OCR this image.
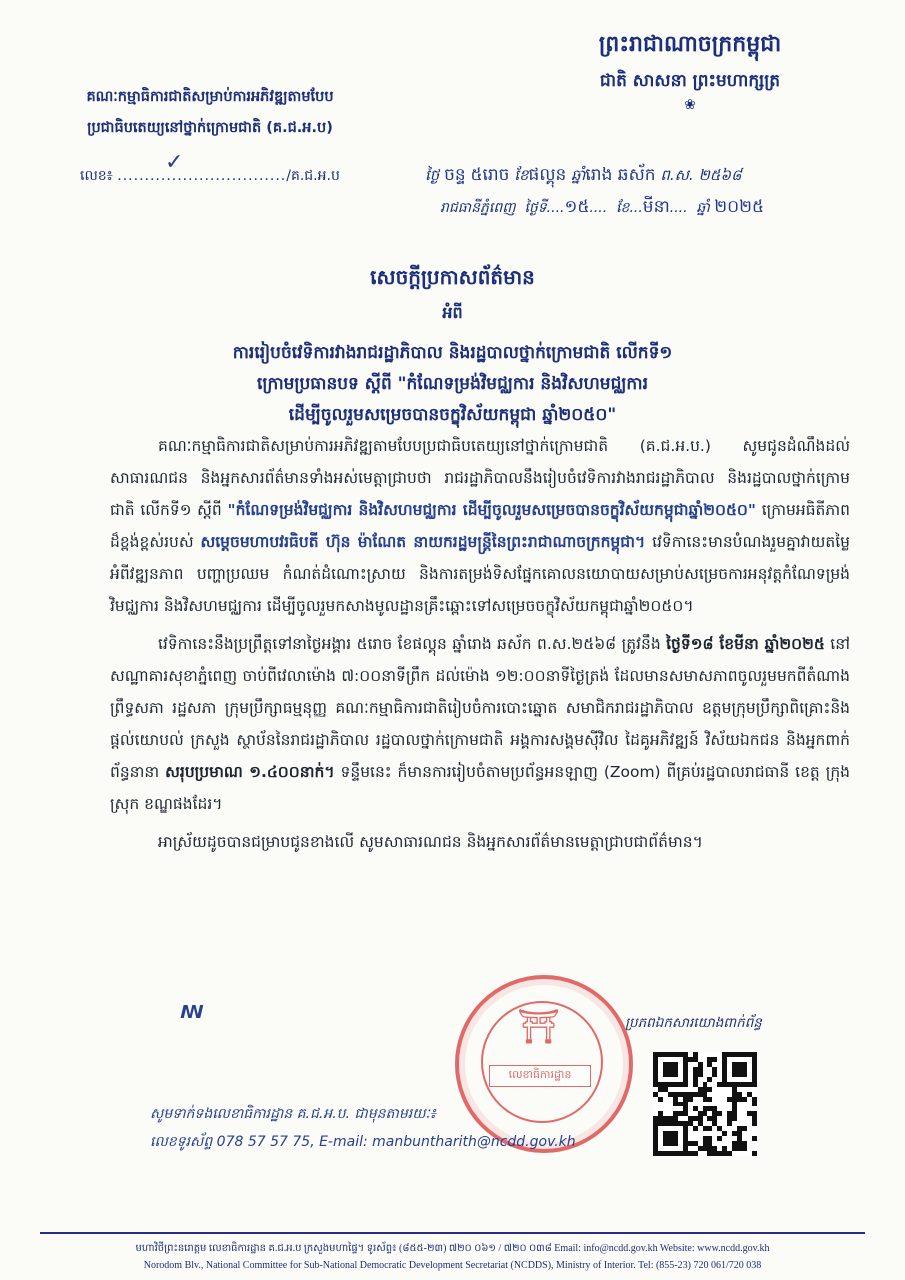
ព្រះរាជាណាចក្រកម្ពុជា
ជាតិ សាសនា ព្រះមហាក្សត្រ
❀
គណៈកម្មាធិការជាតិសម្រាប់ការអភិវឌ្ឍតាមបែប
ប្រជាធិបតេយ្យនៅថ្នាក់ក្រោមជាតិ (គ.ជ.អ.ប)
✓
លេខ៖ .............................../គ.ជ.អ.ប	ថ្ងៃ ចន្ទ ៥រោច ខែផល្គុន ឆ្នាំរោង ឆស័ក ព.ស. ២៥៦៨
រាជធានីភ្នំពេញ ថ្ងៃទី....១៥....  ខែ...មីនា....  ឆ្នាំ ២០២៥
សេចក្តីប្រកាសព័ត៌មាន
អំពី
ការរៀបចំវេទិការវាងរាជរដ្ឋាភិបាល និងរដ្ឋបាលថ្នាក់ក្រោមជាតិ លើកទី១
ក្រោមប្រធានបទ ស្តីពី "កំណែទម្រង់វិមជ្ឈការ និងវិសហមជ្ឈការ
ដើម្បីចូលរួមសម្រេចបានចក្ខុវិស័យកម្ពុជា ឆ្នាំ២០៥០"

គណៈកម្មាធិការជាតិសម្រាប់ការអភិវឌ្ឍតាមបែបប្រជាធិបតេយ្យនៅថ្នាក់ក្រោមជាតិ (គ.ជ.អ.ប.) សូមជូនដំណឹងដល់សាធារណជន និងអ្នកសារព័ត៌មានទាំងអស់មេត្តាជ្រាបថា រាជរដ្ឋាភិបាលនឹងរៀបចំវេទិការវាងរាជរដ្ឋាភិបាល និងរដ្ឋបាលថ្នាក់ក្រោមជាតិ លើកទី១ ស្តីពី "កំណែទម្រង់វិមជ្ឈការ និងវិសហមជ្ឈការ ដើម្បីចូលរួមសម្រេចបានចក្ខុវិស័យកម្ពុជាឆ្នាំ២០៥០" ក្រោមអធិតីភាពដ៏ខ្ពង់ខ្ពស់របស់ សម្តេចមហាបវរធិបតី ហ៊ុន ម៉ាណែត នាយករដ្ឋមន្ត្រីនៃព្រះរាជាណាចក្រកម្ពុជា។ វេទិកានេះមានបំណងរួមគ្នាវាយតម្លៃអំពីវឌ្ឍនភាព បញ្ហាប្រឈម កំណត់ដំណោះស្រាយ និងការតម្រង់ទិសផ្នែកគោលនយោបាយសម្រាប់សម្រេចការអនុវត្តកំណែទម្រង់វិមជ្ឈការ និងវិសហមជ្ឈការ ដើម្បីចូលរួមកសាងមូលដ្ឋានគ្រឹះឆ្ពោះទៅសម្រេចចក្ខុវិស័យកម្ពុជាឆ្នាំ២០៥០។

វេទិកានេះនឹងប្រព្រឹត្តទៅនាថ្ងៃអង្គារ ៥រោច ខែផល្គុន ឆ្នាំរោង ឆស័ក ព.ស.២៥៦៨ ត្រូវនឹង ថ្ងៃទី១៨ ខែមីនា ឆ្នាំ២០២៥ នៅសណ្ឋាគារសុខាភ្នំពេញ ចាប់ពីវេលាម៉ោង ៧:០០នាទីព្រឹក ដល់ម៉ោង ១២:០០នាទីថ្ងៃត្រង់ ដែលមានសមាសភាពចូលរួមមកពីតំណាងព្រឹទ្ធសភា រដ្ឋសភា ក្រុមប្រឹក្សាធម្មនុញ្ញ គណៈកម្មាធិការជាតិរៀបចំការបោះឆ្នោត សមាជិករាជរដ្ឋាភិបាល ឧត្តមក្រុមប្រឹក្សាពិគ្រោះនិងផ្តល់យោបល់ ក្រសួង ស្ថាប័ននៃរាជរដ្ឋាភិបាល រដ្ឋបាលថ្នាក់ក្រោមជាតិ អង្គការសង្គមស៊ីវិល ដៃគូអភិវឌ្ឍន៍ វិស័យឯកជន និងអ្នកពាក់ព័ន្ធនានា សរុបប្រមាណ ១.៤០០នាក់។ ទន្ទឹមនេះ ក៏មានការរៀបចំតាមប្រព័ន្ធអនឡាញ (Zoom) ពីគ្រប់រដ្ឋបាលរាជធានី ខេត្ត ក្រុង ស្រុក ខណ្ឌផងដែរ។

អាស្រ័យដូចបានជម្រាបជូនខាងលើ សូមសាធារណជន និងអ្នកសារព័ត៌មានមេត្តាជ្រាបជាព័ត៌មាន។

ꟿ	⛩
លេខាធិការដ្ឋាន
ប្រភពឯកសារយោងពាក់ព័ន្ធ
សូមទាក់ទងលេខាធិការដ្ឋាន គ.ជ.អ.ប. ជាមុនតាមរយៈ៖
លេខទូរស័ព្ទ 078 57 57 75, E-mail: manbuntharith@ncdd.gov.kh
មហាវិថីព្រះនរោត្តម លេខាធិការដ្ឋាន គ.ជ.អ.ប ក្រសួងមហាផ្ទៃ។ ទូរស័ព្ទ៖ (៨៥៥-២៣) ៧២០ ០៦១ / ៧២០ ០៣៨ Email: info@ncdd.gov.kh Website: www.ncdd.gov.kh
Norodom Blv., National Committee for Sub-National Democratic Development Secretariat (NCDDS), Ministry of Interior. Tel: (855-23) 720 061/720 038
